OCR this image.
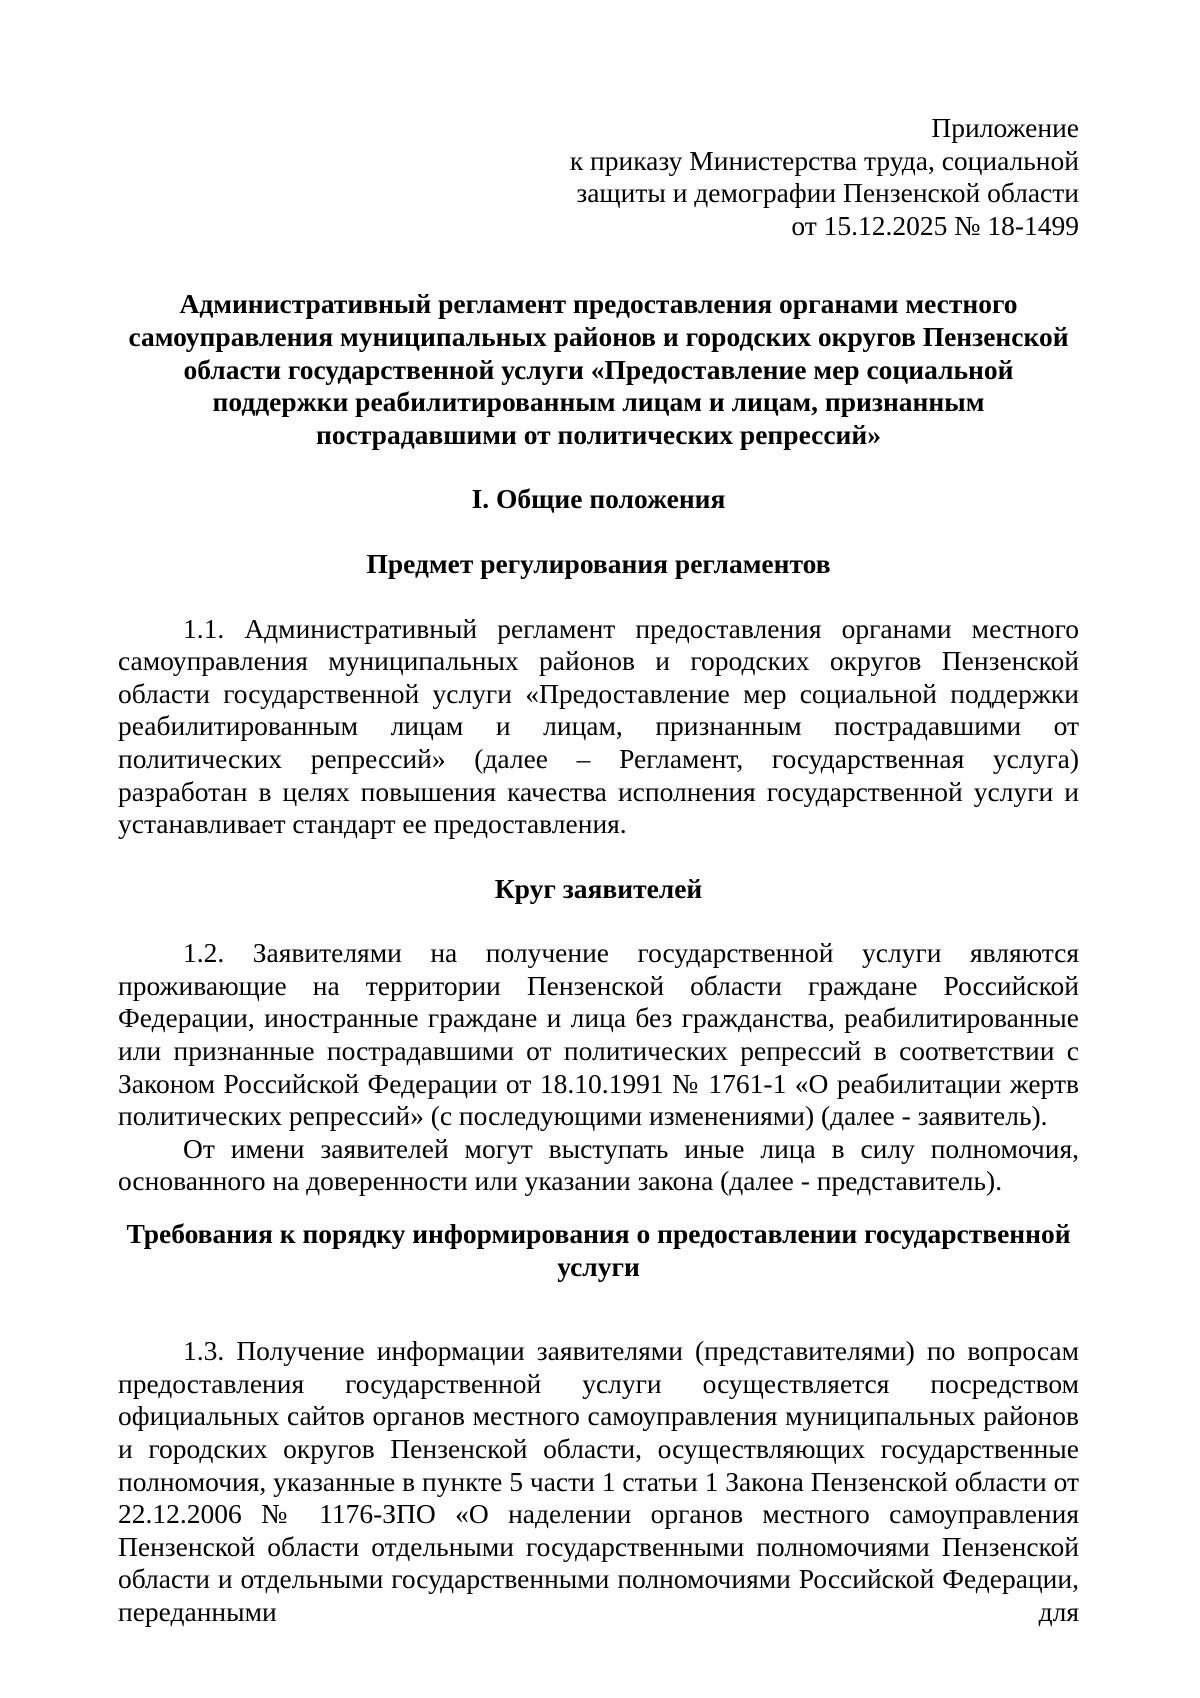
Приложение
к приказу Министерства труда, социальной
защиты и демографии Пензенской области
от 15.12.2025 № 18-1499

Административный регламент предоставления органами местного самоуправления муниципальных районов и городских округов Пензенской области государственной услуги «Предоставление мер социальной поддержки реабилитированным лицам и лицам, признанным пострадавшими от политических репрессий»

I. Общие положения

Предмет регулирования регламентов

1.1. Административный регламент предоставления органами местного самоуправления муниципальных районов и городских округов Пензенской области государственной услуги «Предоставление мер социальной поддержки реабилитированным лицам и лицам, признанным пострадавшими от политических репрессий» (далее – Регламент, государственная услуга) разработан в целях повышения качества исполнения государственной услуги и устанавливает стандарт ее предоставления.

Круг заявителей

1.2. Заявителями на получение государственной услуги являются проживающие на территории Пензенской области граждане Российской Федерации, иностранные граждане и лица без гражданства, реабилитированные или признанные пострадавшими от политических репрессий в соответствии с Законом Российской Федерации от 18.10.1991 № 1761-1 «О реабилитации жертв политических репрессий» (с последующими изменениями) (далее - заявитель).

От имени заявителей могут выступать иные лица в силу полномочия, основанного на доверенности или указании закона (далее - представитель).

Требования к порядку информирования о предоставлении государственной услуги

1.3. Получение информации заявителями (представителями) по вопросам предоставления государственной услуги осуществляется посредством официальных сайтов органов местного самоуправления муниципальных районов и городских округов Пензенской области, осуществляющих государственные полномочия, указанные в пункте 5 части 1 статьи 1 Закона Пензенской области от 22.12.2006 № 1176-ЗПО «О наделении органов местного самоуправления Пензенской области отдельными государственными полномочиями Пензенской области и отдельными государственными полномочиями Российской Федерации, переданными для
